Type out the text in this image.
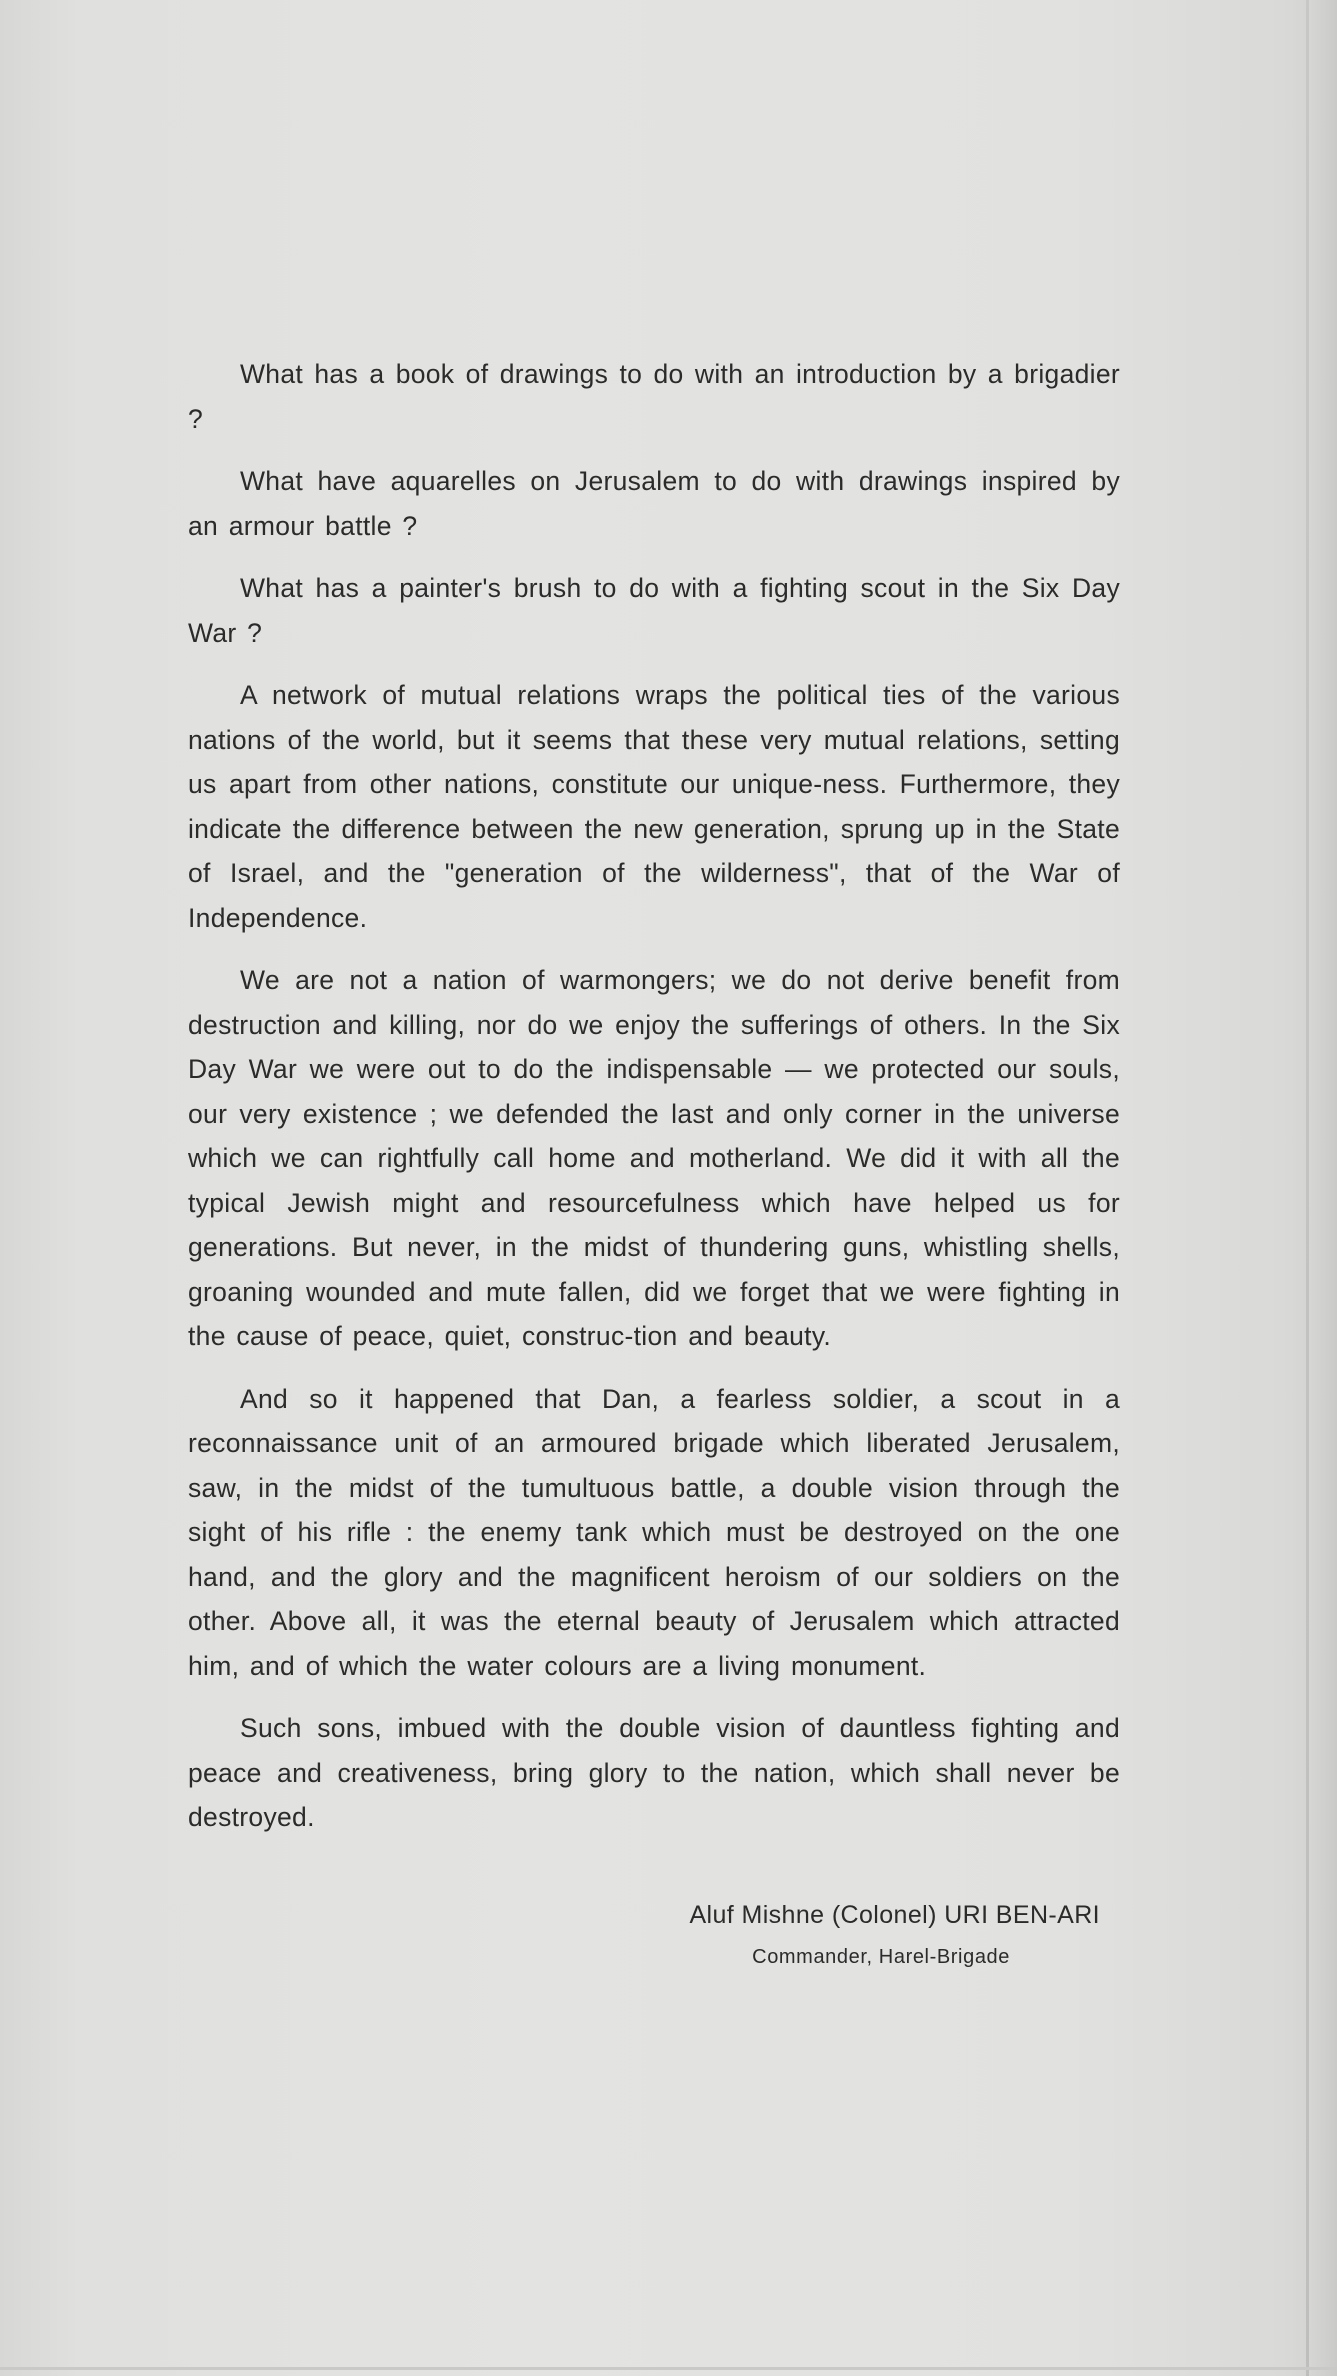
What has a book of drawings to do with an introduction by a brigadier ?

What have aquarelles on Jerusalem to do with drawings inspired by an armour battle ?

What has a painter's brush to do with a fighting scout in the Six Day War ?

A network of mutual relations wraps the political ties of the various nations of the world, but it seems that these very mutual relations, setting us apart from other nations, constitute our unique-ness. Furthermore, they indicate the difference between the new generation, sprung up in the State of Israel, and the "generation of the wilderness", that of the War of Independence.

We are not a nation of warmongers; we do not derive benefit from destruction and killing, nor do we enjoy the sufferings of others. In the Six Day War we were out to do the indispensable — we protected our souls, our very existence ; we defended the last and only corner in the universe which we can rightfully call home and motherland. We did it with all the typical Jewish might and resourcefulness which have helped us for generations. But never, in the midst of thundering guns, whistling shells, groaning wounded and mute fallen, did we forget that we were fighting in the cause of peace, quiet, construc-tion and beauty.

And so it happened that Dan, a fearless soldier, a scout in a reconnaissance unit of an armoured brigade which liberated Jerusalem, saw, in the midst of the tumultuous battle, a double vision through the sight of his rifle : the enemy tank which must be destroyed on the one hand, and the glory and the magnificent heroism of our soldiers on the other. Above all, it was the eternal beauty of Jerusalem which attracted him, and of which the water colours are a living monument.

Such sons, imbued with the double vision of dauntless fighting and peace and creativeness, bring glory to the nation, which shall never be destroyed.

Aluf Mishne (Colonel) URI BEN-ARI
Commander, Harel-Brigade
